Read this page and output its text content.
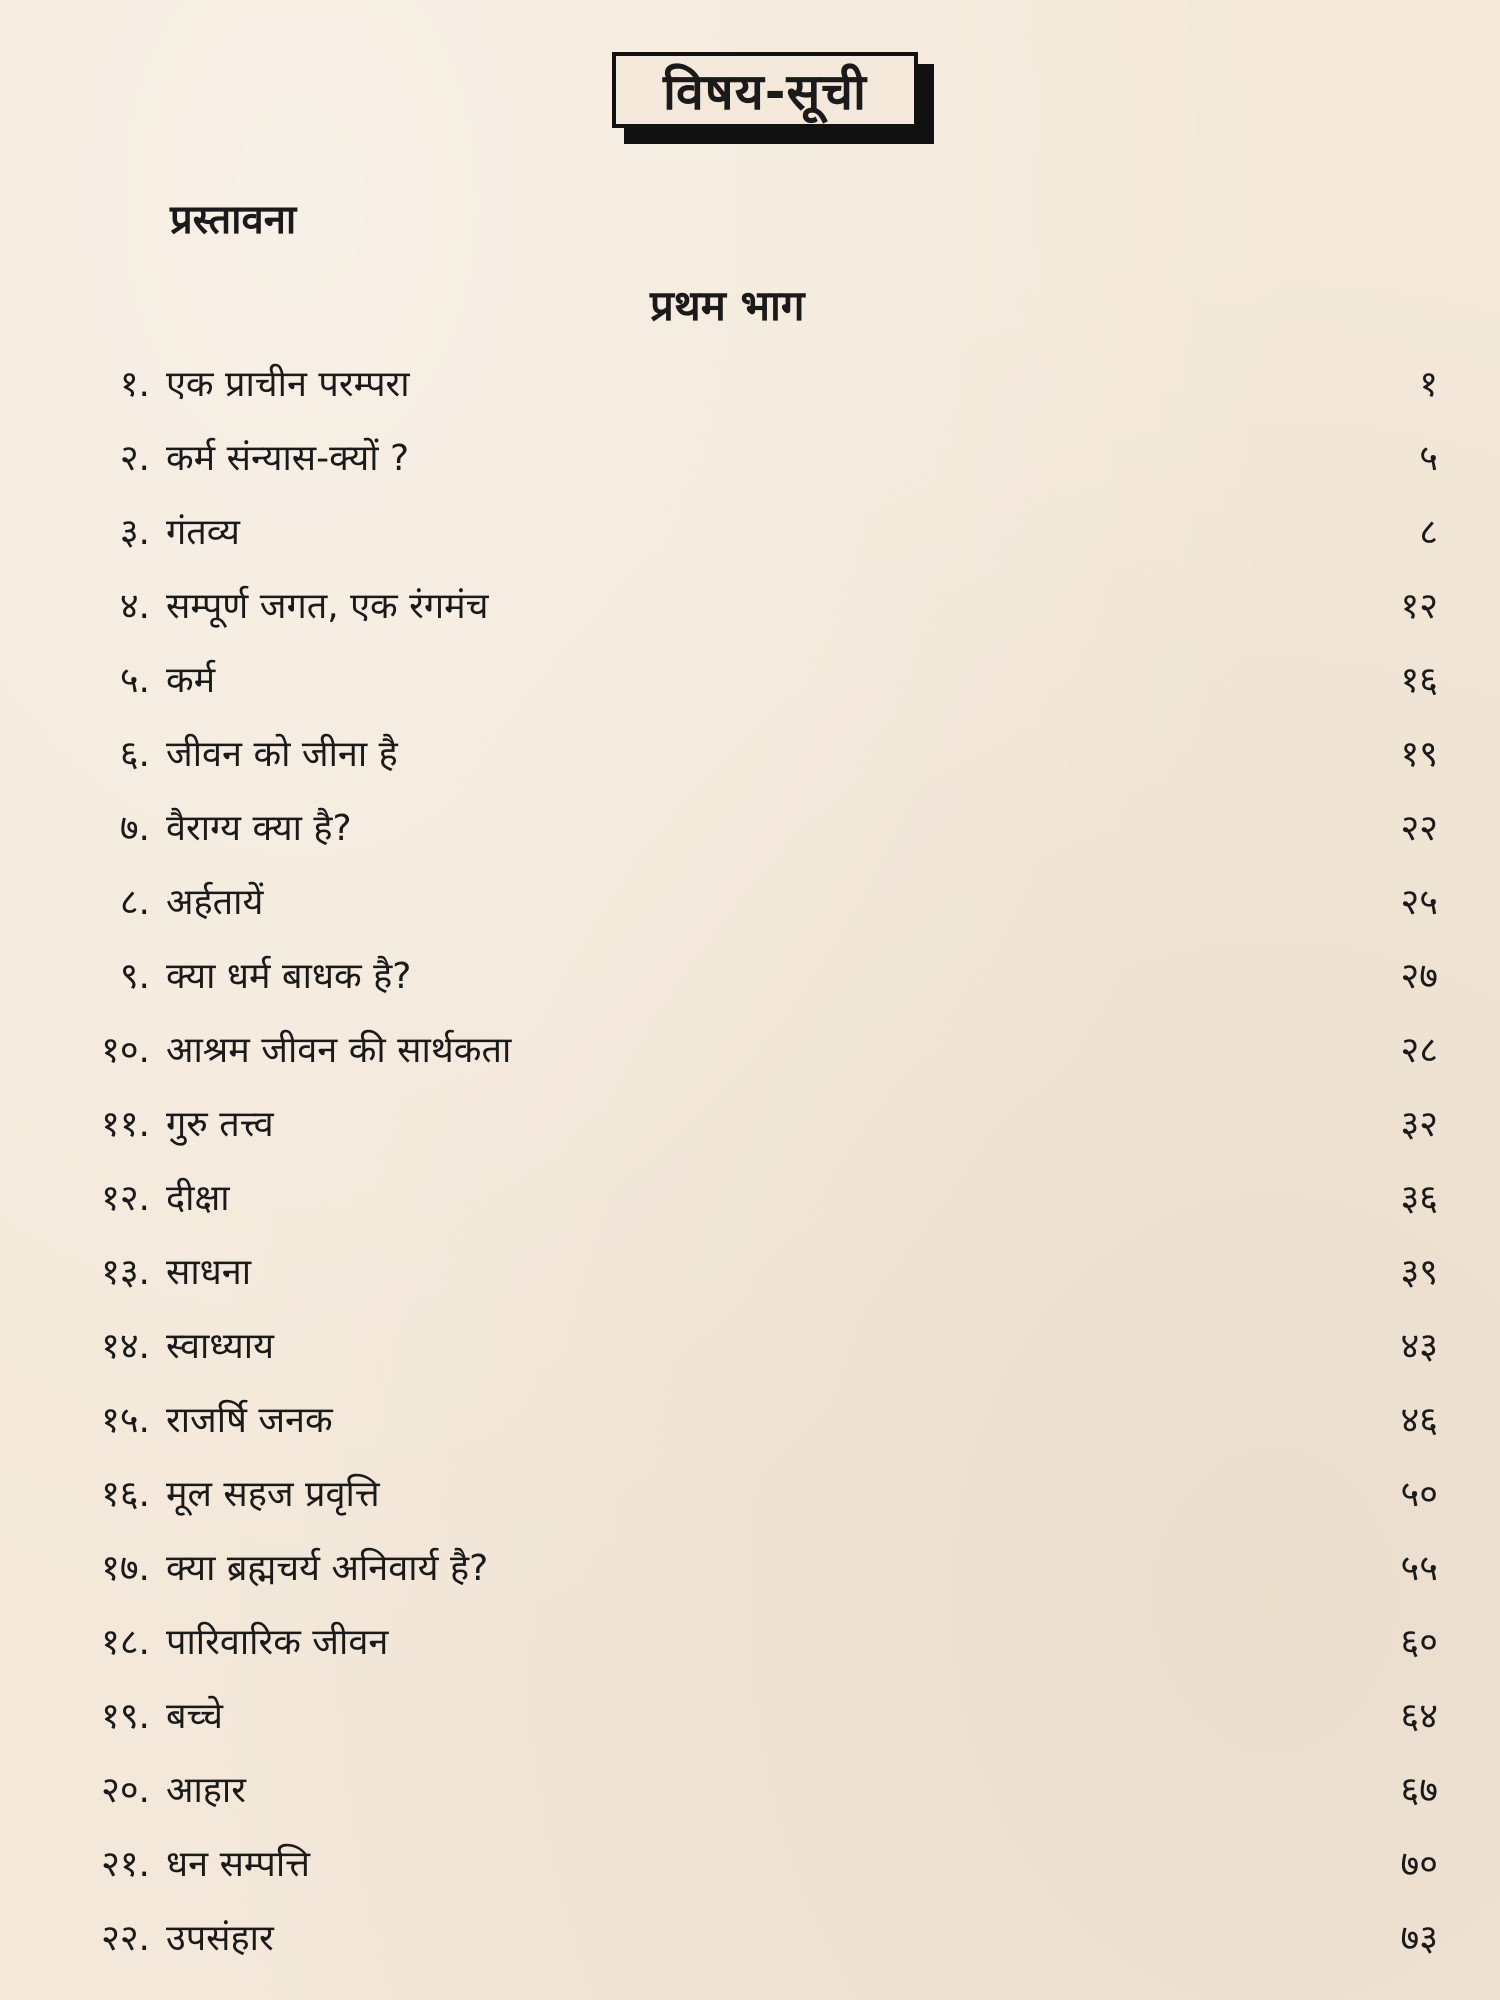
विषय-सूची
प्रस्तावना
प्रथम भाग
१. एक प्राचीन परम्परा	१
२. कर्म संन्यास-क्यों ?	५
३. गंतव्य	८
४. सम्पूर्ण जगत, एक रंगमंच	१२
५. कर्म	१६
६. जीवन को जीना है	१९
७. वैराग्य क्या है?	२२
८. अर्हतायें	२५
९. क्या धर्म बाधक है?	२७
१०. आश्रम जीवन की सार्थकता	२८
११. गुरु तत्त्व	३२
१२. दीक्षा	३६
१३. साधना	३९
१४. स्वाध्याय	४३
१५. राजर्षि जनक	४६
१६. मूल सहज प्रवृत्ति	५०
१७. क्या ब्रह्मचर्य अनिवार्य है?	५५
१८. पारिवारिक जीवन	६०
१९. बच्चे	६४
२०. आहार	६७
२१. धन सम्पत्ति	७०
२२. उपसंहार	७३
